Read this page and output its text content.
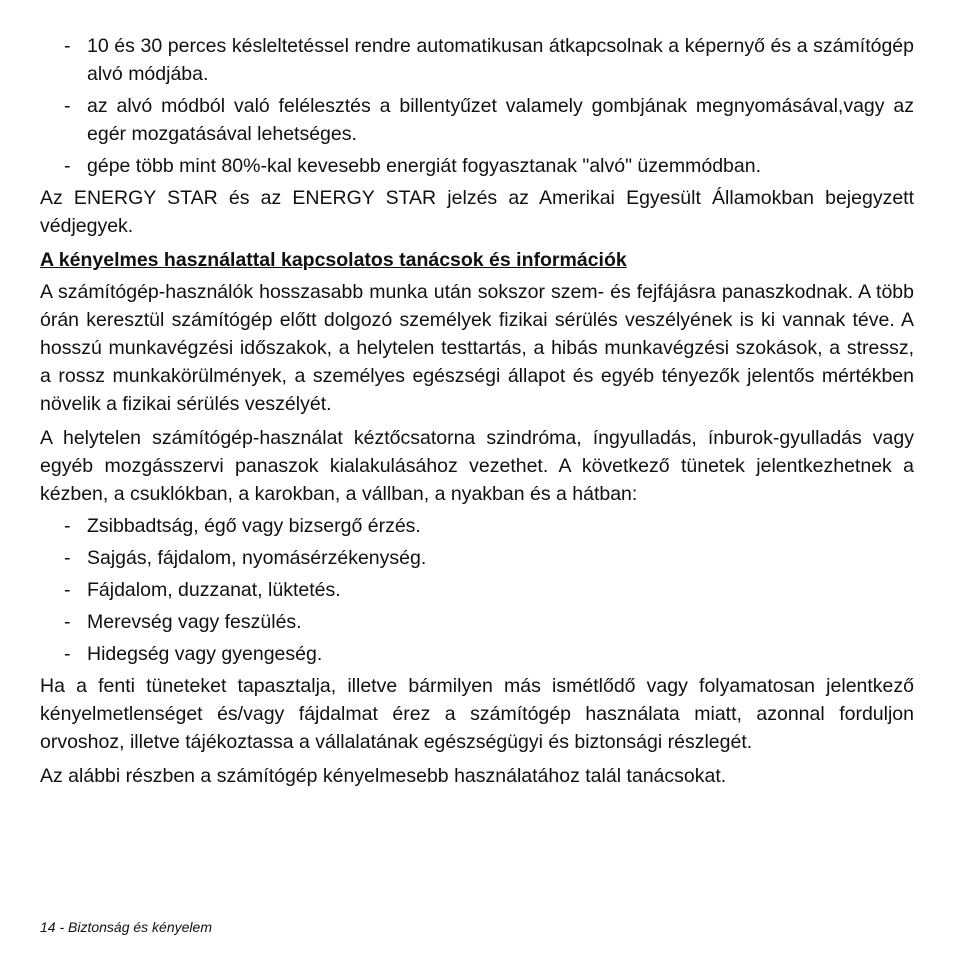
- 10 és 30 perces késleltetéssel rendre automatikusan átkapcsolnak a képernyő és a számítógép alvó módjába.
- az alvó módból való felélesztés a billentyűzet valamely gombjának megnyomásával,vagy az egér mozgatásával lehetséges.
- gépe több mint 80%-kal kevesebb energiát fogyasztanak "alvó" üzemmódban.

Az ENERGY STAR és az ENERGY STAR jelzés az Amerikai Egyesült Államokban bejegyzett védjegyek.

A kényelmes használattal kapcsolatos tanácsok és információk

A számítógép-használók hosszasabb munka után sokszor szem- és fejfájásra panaszkodnak. A több órán keresztül számítógép előtt dolgozó személyek fizikai sérülés veszélyének is ki vannak téve. A hosszú munkavégzési időszakok, a helytelen testtartás, a hibás munkavégzési szokások, a stressz, a rossz munkakörülmények, a személyes egészségi állapot és egyéb tényezők jelentős mértékben növelik a fizikai sérülés veszélyét.

A helytelen számítógép-használat kéztőcsatorna szindróma, íngyulladás, ínburok-gyulladás vagy egyéb mozgásszervi panaszok kialakulásához vezethet. A következő tünetek jelentkezhetnek a kézben, a csuklókban, a karokban, a vállban, a nyakban és a hátban:

- Zsibbadtság, égő vagy bizsergő érzés.
- Sajgás, fájdalom, nyomásérzékenység.
- Fájdalom, duzzanat, lüktetés.
- Merevség vagy feszülés.
- Hidegség vagy gyengeség.

Ha a fenti tüneteket tapasztalja, illetve bármilyen más ismétlődő vagy folyamatosan jelentkező kényelmetlenséget és/vagy fájdalmat érez a számítógép használata miatt, azonnal forduljon orvoshoz, illetve tájékoztassa a vállalatának egészségügyi és biztonsági részlegét.

Az alábbi részben a számítógép kényelmesebb használatához talál tanácsokat.

14 - Biztonság és kényelem
